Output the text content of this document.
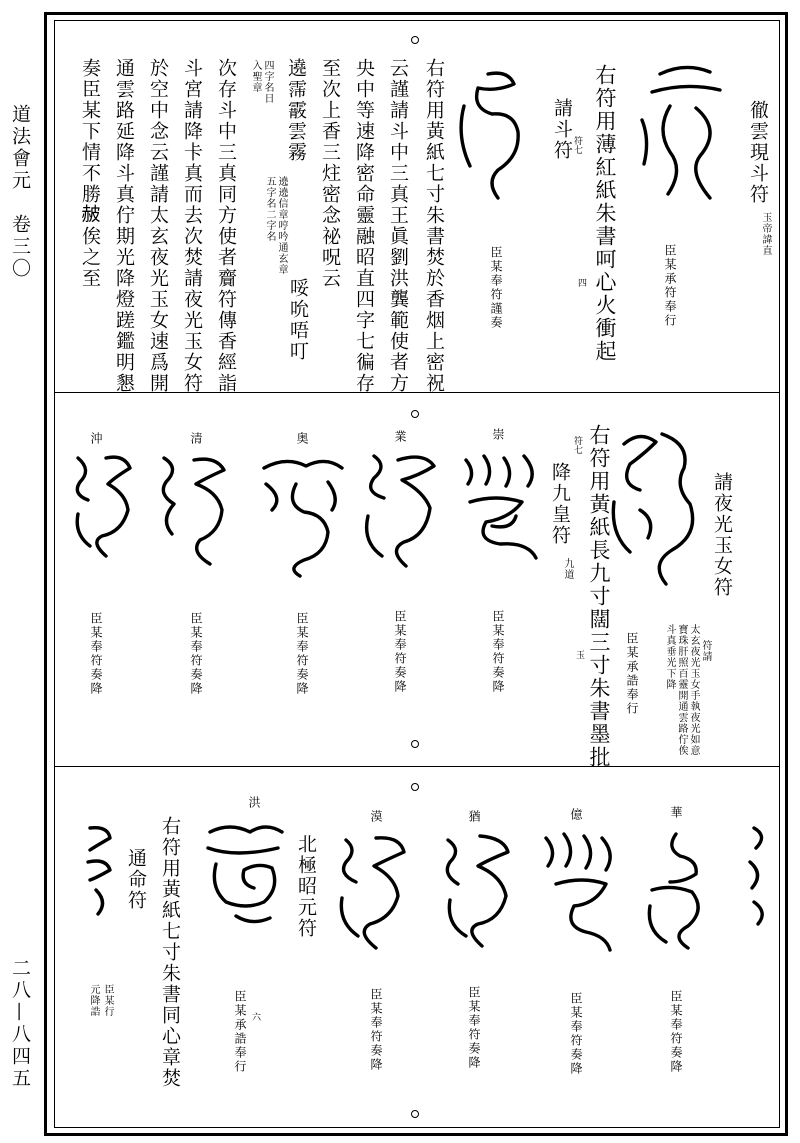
道法會元　卷三〇
二八—八四五
徹雲現斗符
玉帝諱直
臣某承符奉行
右符用薄紅紙朱書呵心火衝起
四
請斗符 符七
臣某奉符謹奏
右符用黃紙七寸朱書焚於香烟上密祝
云謹請斗中三真王眞劉洪龔範使者方
央中等速降密命靈融昭直四字七徧存
至次上香三炷密念祕呪云
遶霈霰雲霧
遶遶信章哼吟通玄章
五字名二字名
哸吮唔叮
四字名日
入聖章
次存斗中三真同方使者齎符傳香經詣
斗宮請降卡真而去次焚請夜光玉女符
於空中念云謹請太玄夜光玉女速爲開
通雲路延降斗真佇期光降燈蹉鑑明懇
奏臣某下情不勝𧹞俟之至
請夜光玉女符
符請
太玄夜光玉女手執夜光如意
寶珠肝照百靈開通雲路佇俟
斗真垂光下降
臣某承誥奉行
右符用黃紙長九寸闊三寸朱書墨批
玉
降九皇符
九道
符七
崇
臣某奉符奏降
業
臣某奉符奏降
奥
臣某奉符奏降
清
臣某奉符奏降
沖
臣某奉符奏降
華
臣某奉符奏降
億
臣某奉符奏降
猶
臣某奉符奏降
漠
臣某奉符奏降
北極昭元符
洪
六
臣某承誥奉行
右符用黃紙七寸朱書同心章焚
通命符
臣某行
元降誥
